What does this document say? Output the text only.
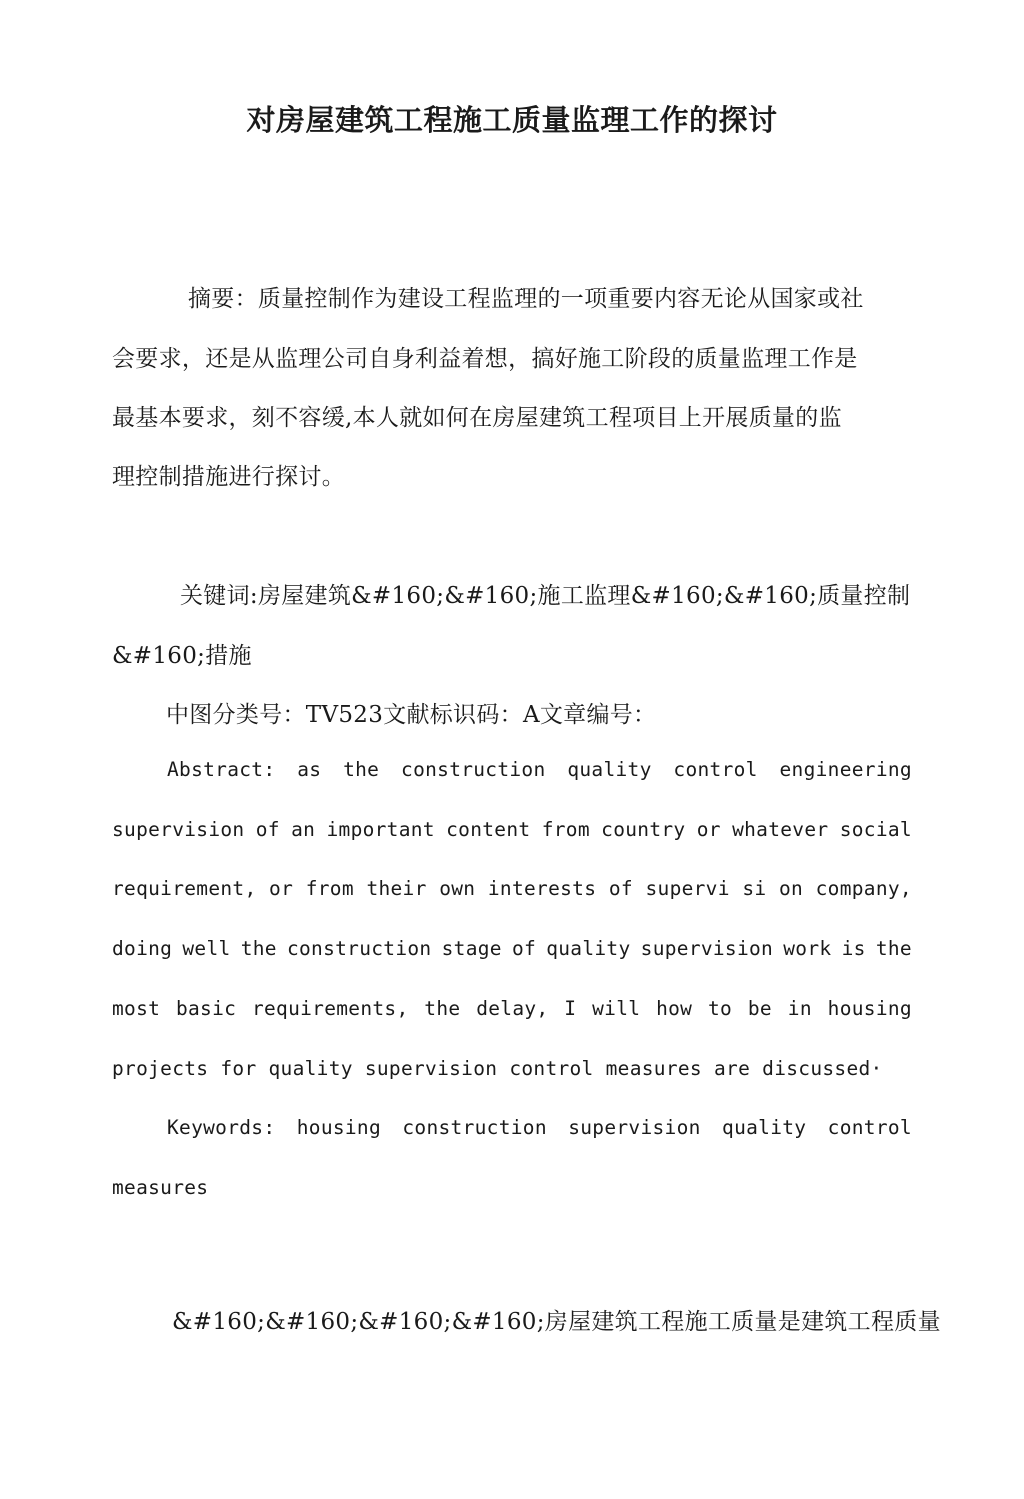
对房屋建筑工程施工质量监理工作的探讨
摘要：质量控制作为建设工程监理的一项重要内容无论从国家或社
会要求，还是从监理公司自身利益着想，搞好施工阶段的质量监理工作是
最基本要求，刻不容缓,本人就如何在房屋建筑工程项目上开展质量的监
理控制措施进行探讨。
关键词:房屋建筑&#160;&#160;施工监理&#160;&#160;质量控制
&#160;措施
中图分类号：TV523文献标识码：A文章编号：
Abstract: as the construction quality control engineering
supervision of an important content from country or whatever social
requirement, or from their own interests of supervi si on company,
doing well the construction stage of quality supervision work is the
most basic requirements, the delay, I will how to be in housing
projects for quality supervision control measures are discussed·
Keywords: housing construction supervision quality control
measures
&#160;&#160;&#160;&#160;房屋建筑工程施工质量是建筑工程质量
